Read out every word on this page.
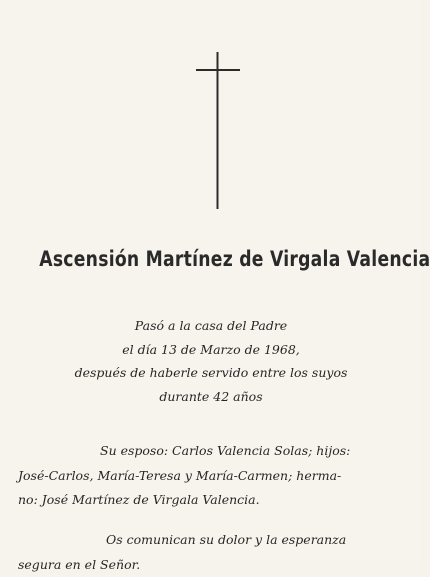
Ascensión Martínez de Virgala Valencia
Pasó a la casa del Padre
el día 13 de Marzo de 1968,
después de haberle servido entre los suyos
durante 42 años
Su esposo: Carlos Valencia Solas; hijos:
José-Carlos, María-Teresa y María-Carmen; herma-
no: José Martínez de Virgala Valencia.
Os comunican su dolor y la esperanza
segura en el Señor.
